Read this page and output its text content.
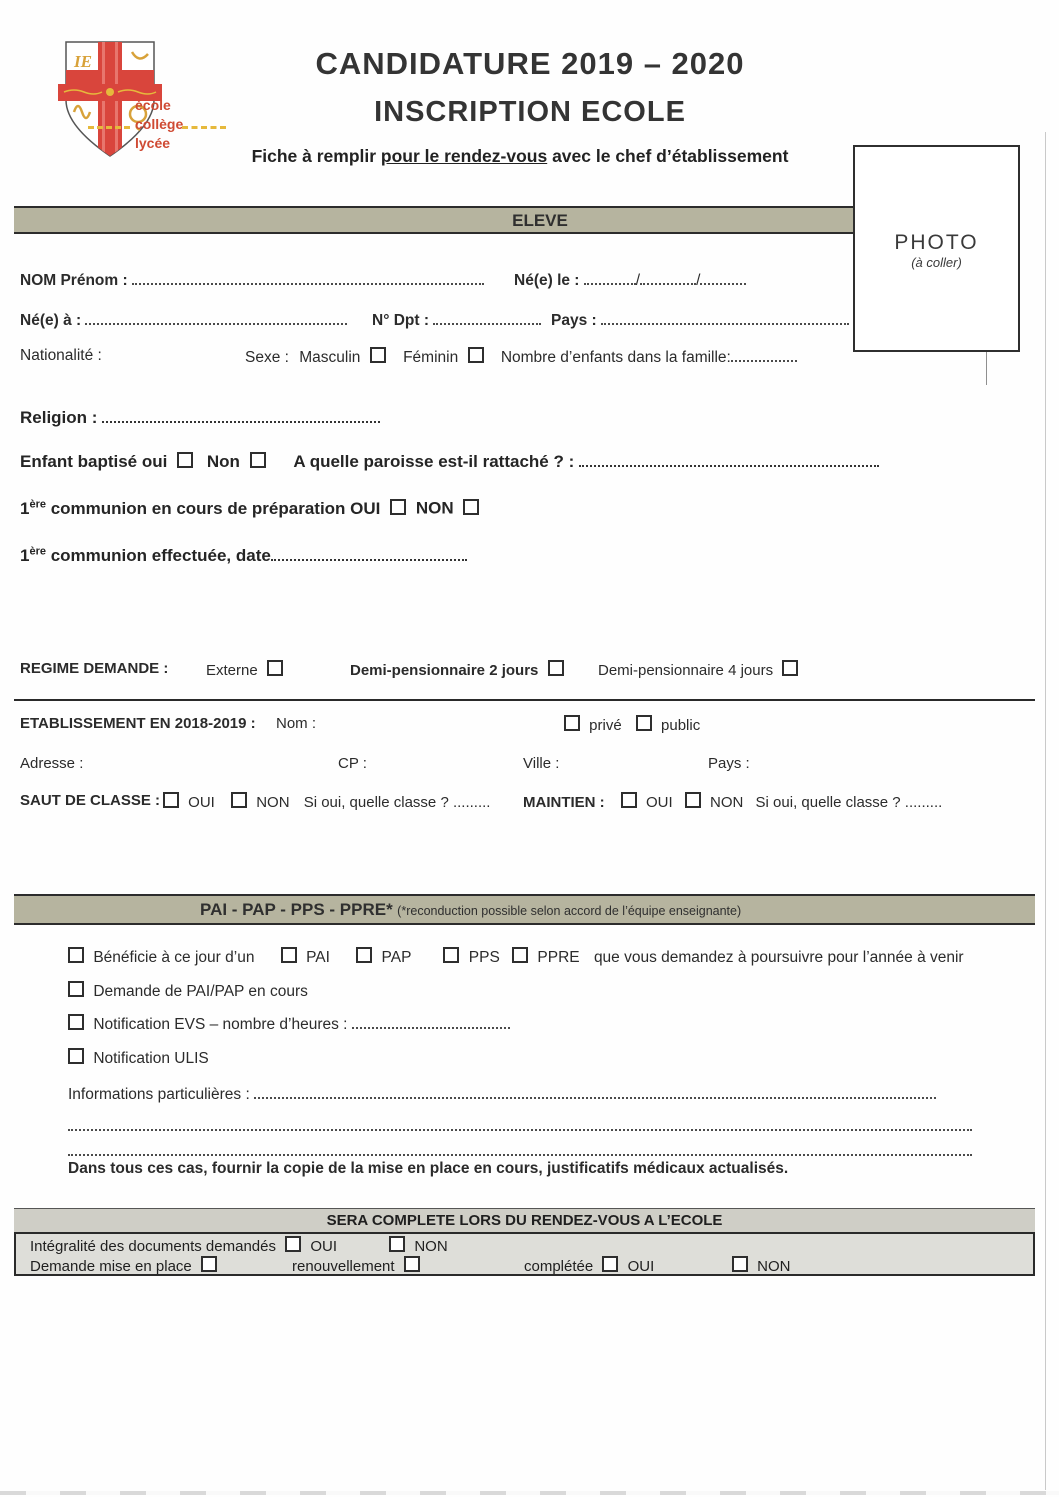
IE
école
collège
lycée
CANDIDATURE 2019 – 2020
INSCRIPTION ECOLE
Fiche à remplir pour le rendez-vous avec le chef d’établissement
PHOTO
(à coller)
ELEVE
NOM Prénom :	Né(e) le :	/	/
Né(e) à :	N° Dpt :	Pays :
Nationalité :	Sexe : Masculin	Féminin	Nombre d’enfants dans la famille:
Religion :
Enfant baptisé oui Non	A quelle paroisse est-il rattaché ? :
1ère communion en cours de préparation OUI NON
1ère communion effectuée, date
REGIME DEMANDE :	Externe	Demi-pensionnaire 2 jours	Demi-pensionnaire 4 jours
ETABLISSEMENT EN 2018-2019 : Nom :	privé	public
Adresse :	CP :	Ville :	Pays :
SAUT DE CLASSE :	OUI	NON Si oui, quelle classe ? ......... MAINTIEN :	OUI NON Si oui, quelle classe ? .........
PAI - PAP - PPS - PPRE* (*reconduction possible selon accord de l’équipe enseignante)
Bénéficie à ce jour d’un	PAI	PAP	PPS PPRE que vous demandez à poursuivre pour l’année à venir
Demande de PAI/PAP en cours
Notification EVS – nombre d’heures :
Notification ULIS
Informations particulières :
Dans tous ces cas, fournir la copie de la mise en place en cours, justificatifs médicaux actualisés.
SERA COMPLETE LORS DU RENDEZ-VOUS A L’ECOLE
Intégralité des documents demandés OUI	NON
Demande mise en place	renouvellement	complétée OUI	NON
